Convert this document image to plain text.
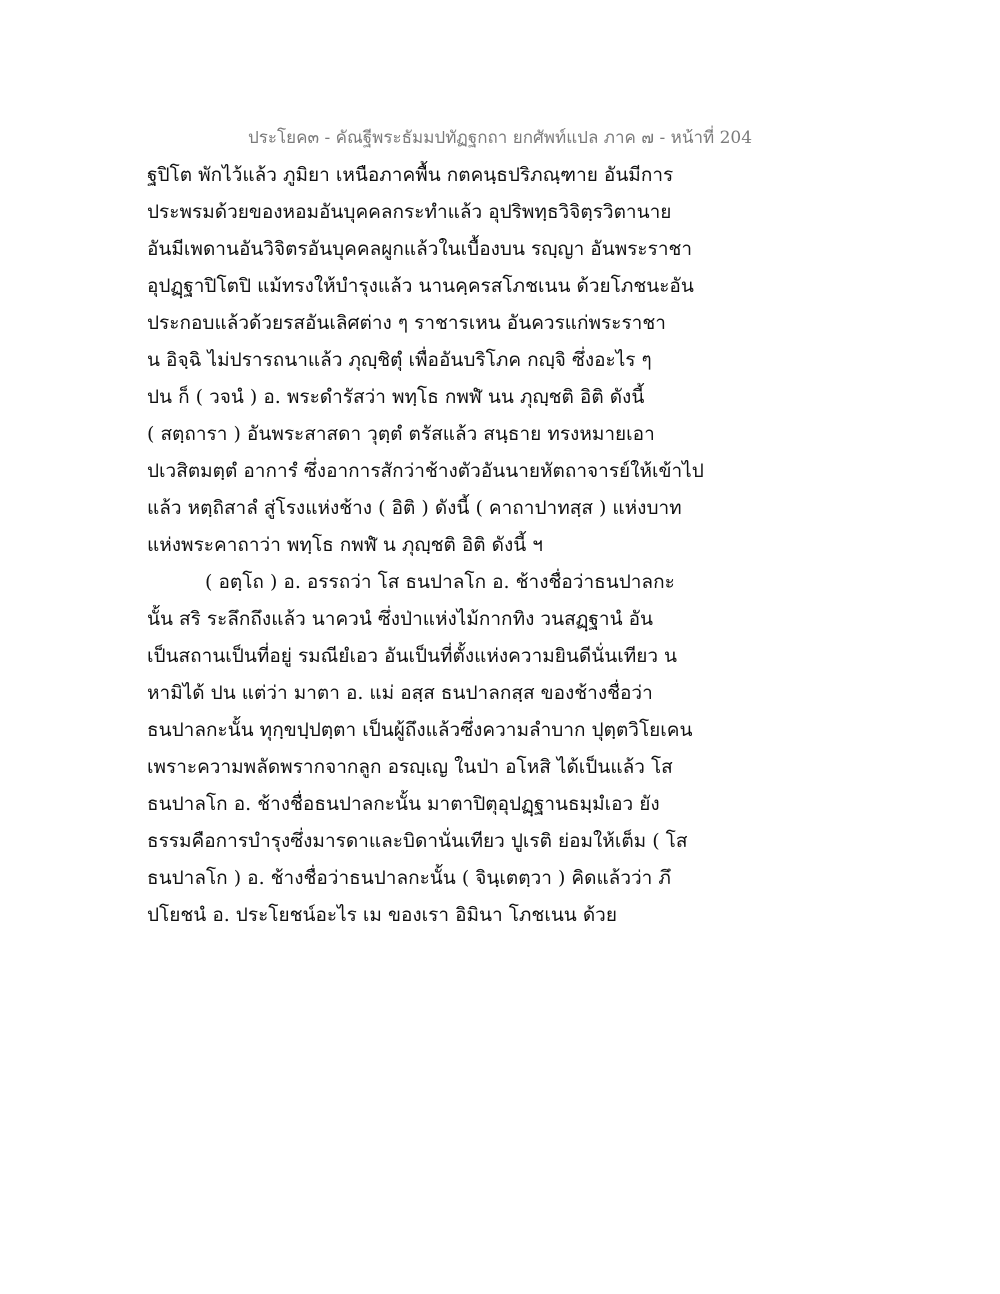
ประโยค๓ - คัณฐีพระธัมมปทัฏฐกถา ยกศัพท์แปล ภาค ๗ - หน้าที่ 204
ฐปิโต พักไว้แล้ว ภูมิยา เหนือภาคพื้น กตคนฺธปริภณฺฑาย อันมีการ
ประพรมด้วยของหอมอันบุคคลกระทำแล้ว อุปริพทฺธวิจิตฺรวิตานาย
อันมีเพดานอันวิจิตรอันบุคคลผูกแล้วในเบื้องบน รญฺญา อันพระราชา
อุปฏฺฐาปิโตปิ แม้ทรงให้บำรุงแล้ว นานคฺครสโภชเนน ด้วยโภชนะอัน
ประกอบแล้วด้วยรสอันเลิศต่าง ๆ ราชารเหน อันควรแก่พระราชา
น อิจฺฉิ ไม่ปรารถนาแล้ว ภุญฺชิตุํ เพื่ออันบริโภค กญฺจิ ซึ่งอะไร ๆ
ปน ก็ ( วจนํ ) อ. พระดำรัสว่า พทฺโธ กพฬํ นน ภุญฺชติ อิติ ดังนี้
( สตฺถารา ) อันพระสาสดา วุตฺตํ ตรัสแล้ว สนฺธาย ทรงหมายเอา
ปเวสิตมตฺตํ อาการํ ซึ่งอาการสักว่าช้างตัวอันนายหัตถาจารย์ให้เข้าไป
แล้ว หตฺถิสาลํ สู่โรงแห่งช้าง ( อิติ ) ดังนี้ ( คาถาปาทสฺส ) แห่งบาท
แห่งพระคาถาว่า พทฺโธ กพฬํ น ภุญฺชติ อิติ ดังนี้ ฯ
( อตฺโถ ) อ. อรรถว่า โส ธนปาลโก อ. ช้างชื่อว่าธนปาลกะ
นั้น สริ ระลึกถึงแล้ว นาควนํ ซึ่งป่าแห่งไม้กากทิง วนสฏฺฐานํ อัน
เป็นสถานเป็นที่อยู่ รมณียํเอว อันเป็นที่ตั้งแห่งความยินดีนั่นเทียว น
หามิได้ ปน แต่ว่า มาตา อ. แม่ อสฺส ธนปาลกสฺส ของช้างชื่อว่า
ธนปาลกะนั้น ทุกฺขปฺปตฺตา เป็นผู้ถึงแล้วซึ่งความลำบาก ปุตฺตวิโยเคน
เพราะความพลัดพรากจากลูก อรญฺเญ ในป่า อโหสิ ได้เป็นแล้ว โส
ธนปาลโก อ. ช้างชื่อธนปาลกะนั้น มาตาปิตุอุปฏฺฐานธมฺมํเอว ยัง
ธรรมคือการบำรุงซึ่งมารดาและบิดานั่นเทียว ปูเรติ ย่อมให้เต็ม ( โส
ธนปาลโก ) อ. ช้างชื่อว่าธนปาลกะนั้น ( จินฺเตตฺวา ) คิดแล้วว่า ภึ
ปโยชนํ อ. ประโยชน์อะไร เม ของเรา อิมินา โภชเนน ด้วย
